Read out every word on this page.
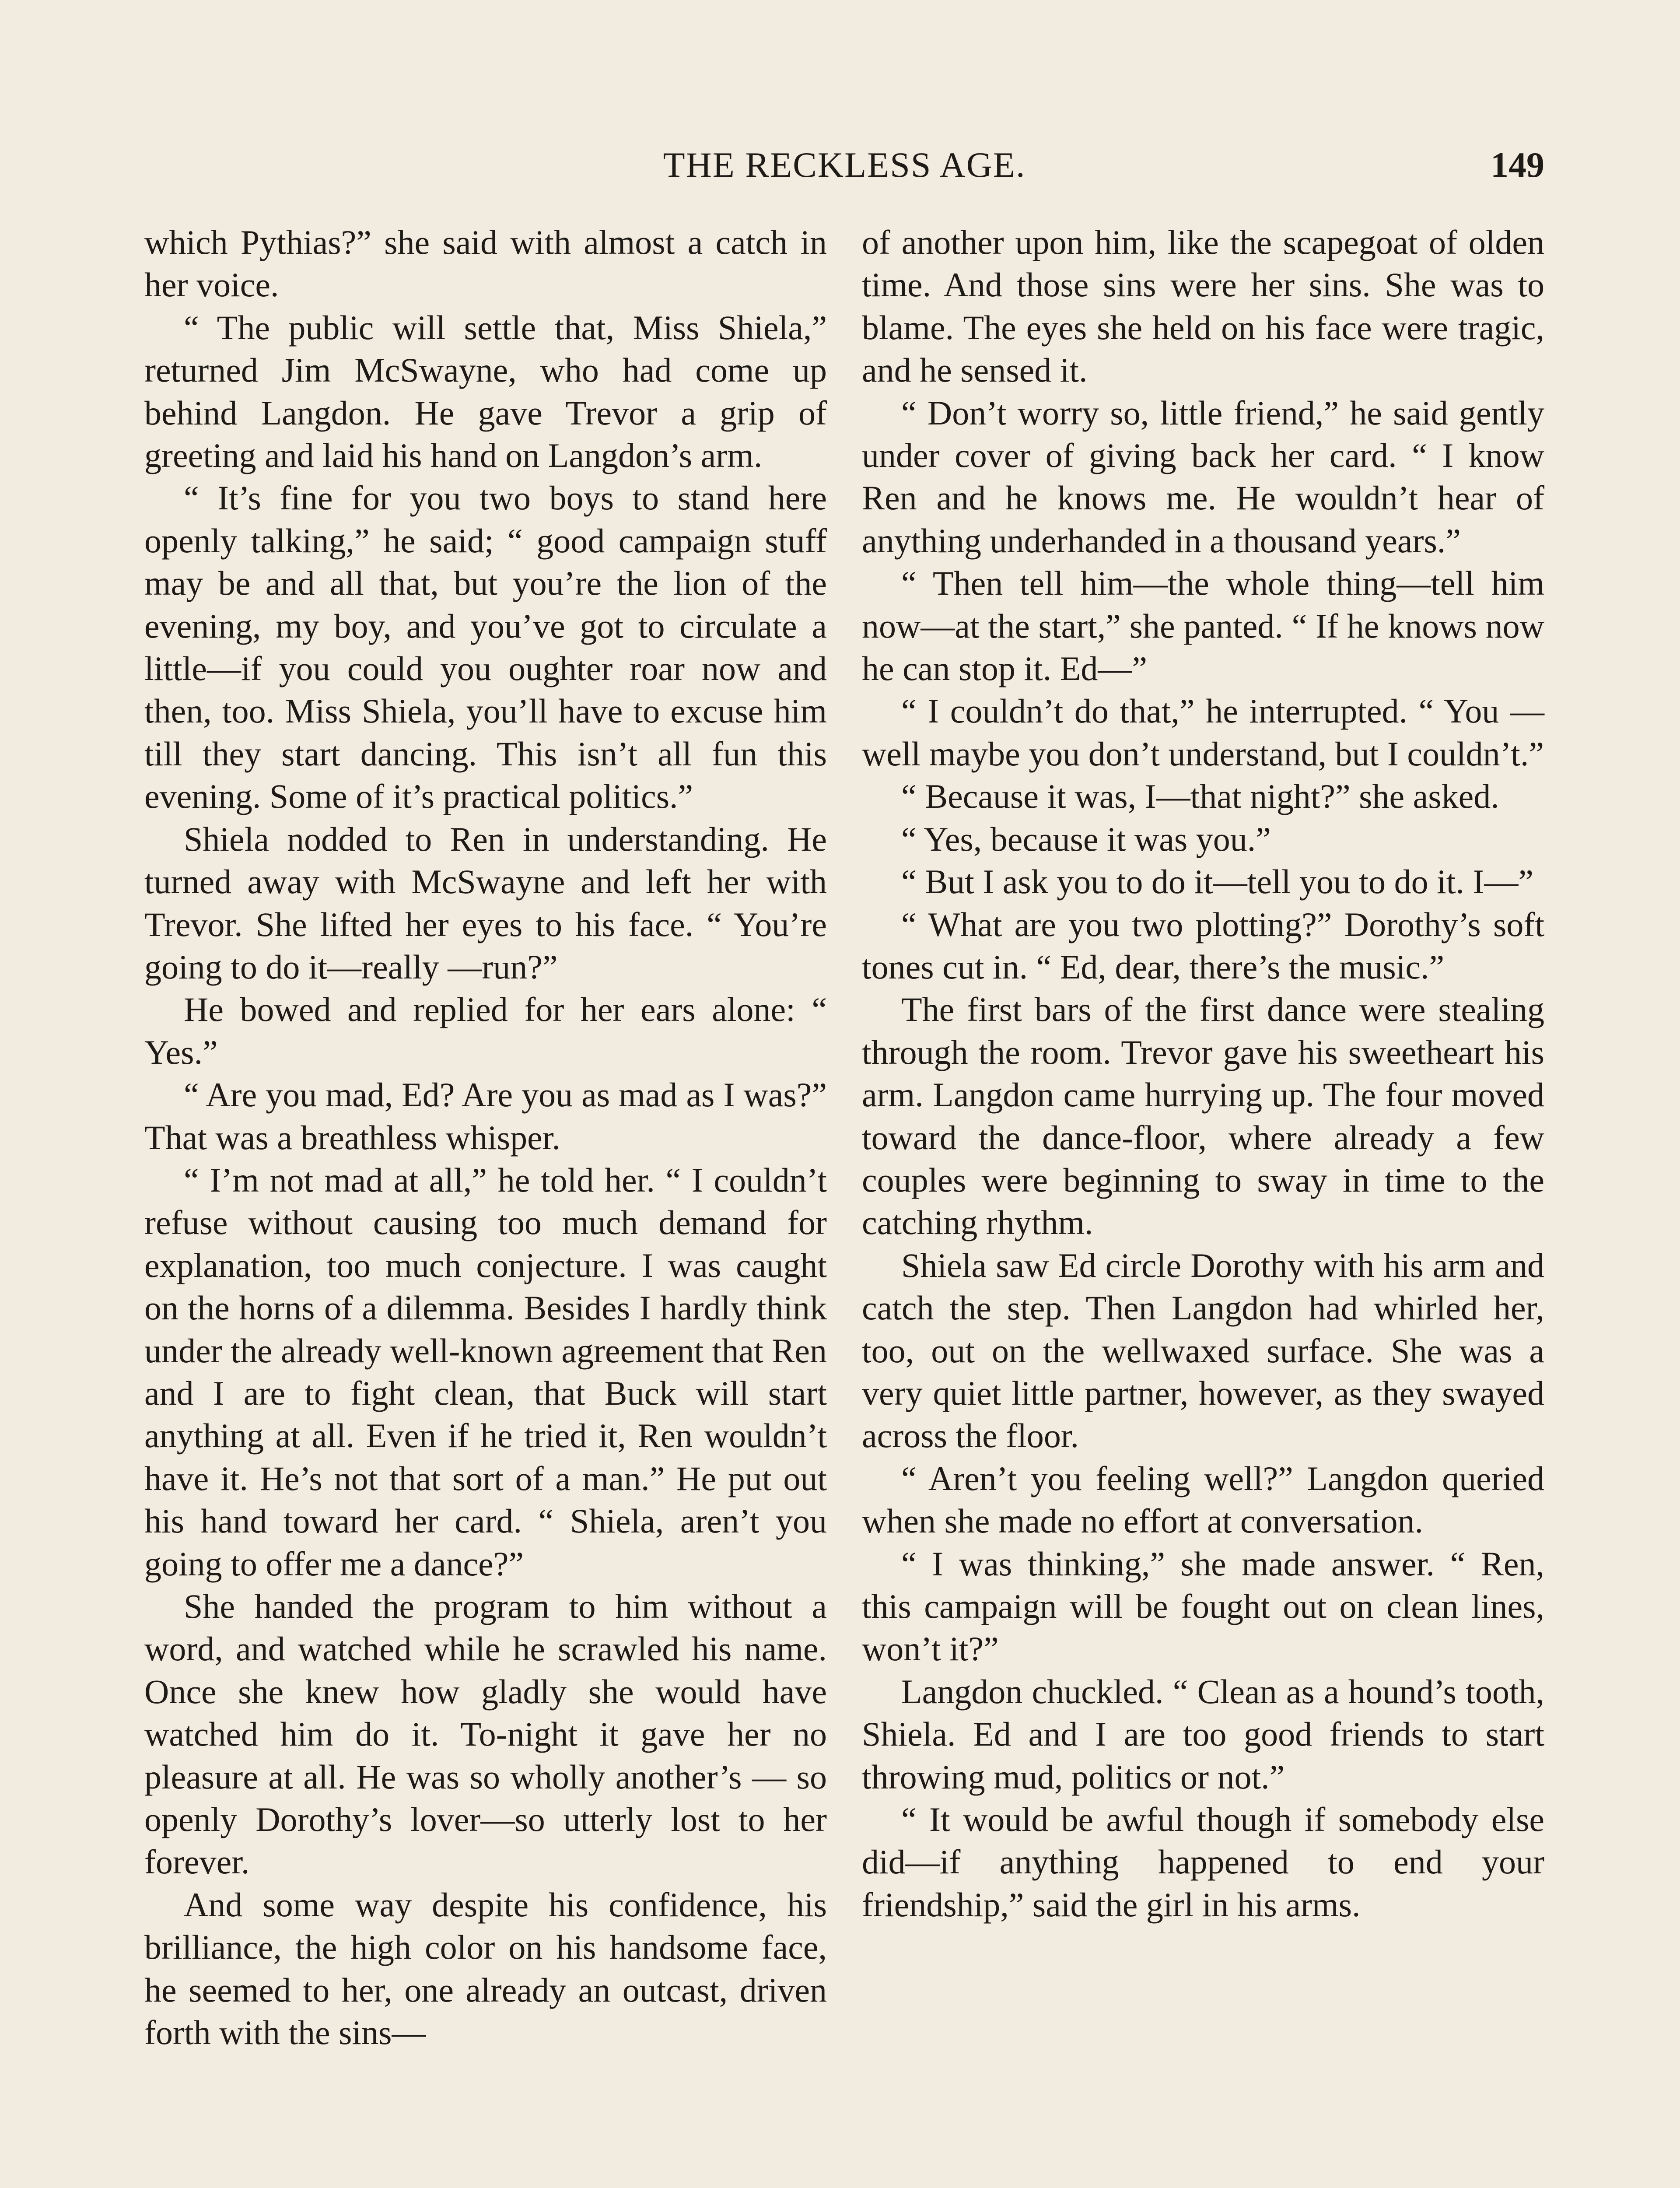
THE RECKLESS AGE.	149

which Pythias?” she said with almost a catch in her voice.

“ The public will settle that, Miss Shiela,” returned Jim McSwayne, who had come up behind Langdon. He gave Trevor a grip of greeting and laid his hand on Langdon’s arm.

“ It’s fine for you two boys to stand here openly talking,” he said; “ good campaign stuff may be and all that, but you’re the lion of the evening, my boy, and you’ve got to circulate a little—if you could you oughter roar now and then, too. Miss Shiela, you’ll have to excuse him till they start dancing. This isn’t all fun this evening. Some of it’s practical politics.”

Shiela nodded to Ren in understanding. He turned away with McSwayne and left her with Trevor. She lifted her eyes to his face. “ You’re going to do it—really —run?”

He bowed and replied for her ears alone: “ Yes.”

“ Are you mad, Ed? Are you as mad as I was?” That was a breathless whisper.

“ I’m not mad at all,” he told her. “ I couldn’t refuse without causing too much demand for explanation, too much conjecture. I was caught on the horns of a dilemma. Besides I hardly think under the already well-known agreement that Ren and I are to fight clean, that Buck will start anything at all. Even if he tried it, Ren wouldn’t have it. He’s not that sort of a man.” He put out his hand toward her card. “ Shiela, aren’t you going to offer me a dance?”

She handed the program to him without a word, and watched while he scrawled his name. Once she knew how gladly she would have watched him do it. To-night it gave her no pleasure at all. He was so wholly another’s — so openly Dorothy’s lover—so utterly lost to her forever.

And some way despite his confidence, his brilliance, the high color on his handsome face, he seemed to her, one already an outcast, driven forth with the sins—

of another upon him, like the scapegoat of olden time. And those sins were her sins. She was to blame. The eyes she held on his face were tragic, and he sensed it.

“ Don’t worry so, little friend,” he said gently under cover of giving back her card. “ I know Ren and he knows me. He wouldn’t hear of anything underhanded in a thousand years.”

“ Then tell him—the whole thing—tell him now—at the start,” she panted. “ If he knows now he can stop it. Ed—”

“ I couldn’t do that,” he interrupted. “ You — well maybe you don’t understand, but I couldn’t.”

“ Because it was, I—that night?” she asked.

“ Yes, because it was you.”

“ But I ask you to do it—tell you to do it. I—”

“ What are you two plotting?” Dorothy’s soft tones cut in. “ Ed, dear, there’s the music.”

The first bars of the first dance were stealing through the room. Trevor gave his sweetheart his arm. Langdon came hurrying up. The four moved toward the dance-floor, where already a few couples were beginning to sway in time to the catching rhythm.

Shiela saw Ed circle Dorothy with his arm and catch the step. Then Langdon had whirled her, too, out on the wellwaxed surface. She was a very quiet little partner, however, as they swayed across the floor.

“ Aren’t you feeling well?” Langdon queried when she made no effort at conversation.

“ I was thinking,” she made answer. “ Ren, this campaign will be fought out on clean lines, won’t it?”

Langdon chuckled. “ Clean as a hound’s tooth, Shiela. Ed and I are too good friends to start throwing mud, politics or not.”

“ It would be awful though if somebody else did—if anything happened to end your friendship,” said the girl in his arms.
